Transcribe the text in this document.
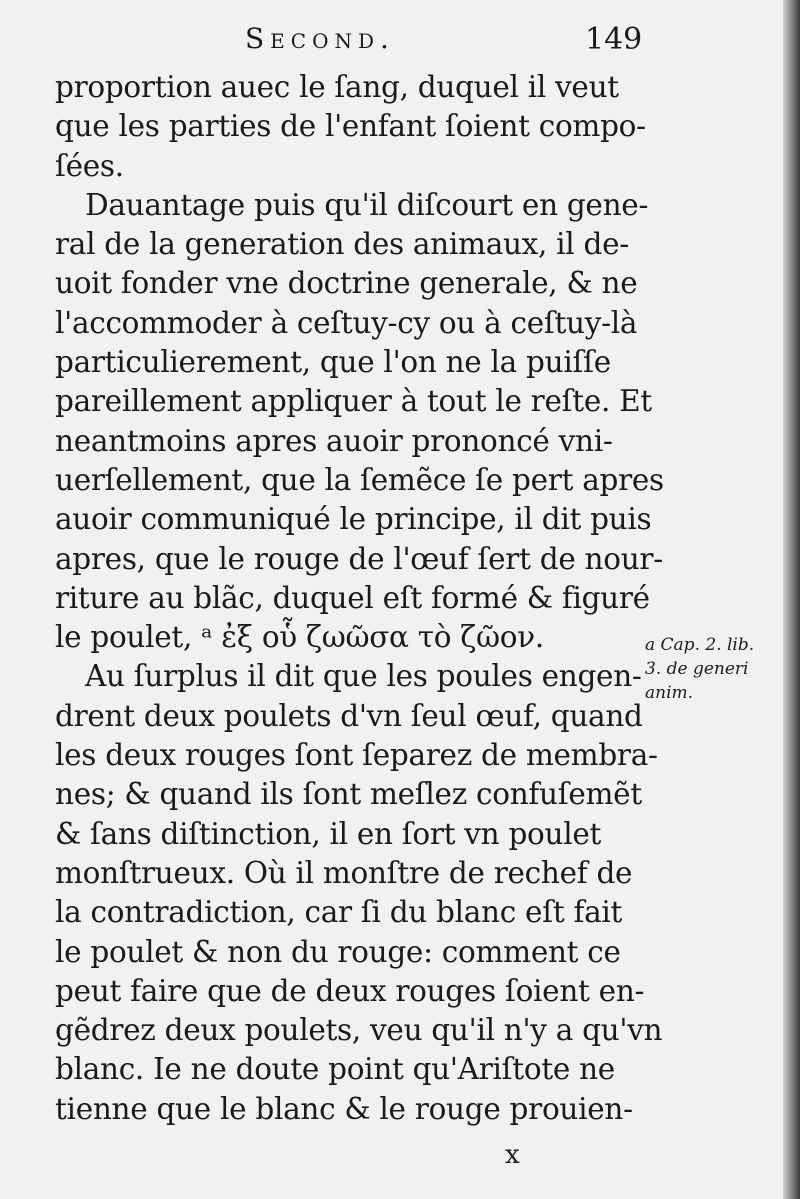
Second.	149
proportion auec le ſang, duquel il veut
que les parties de l'enfant ſoient compo-
ſées.
Dauantage puis qu'il diſcourt en gene-
ral de la generation des animaux, il de-
uoit fonder vne doctrine generale, & ne
l'accommoder à ceſtuy-cy ou à ceſtuy-là
particulierement, que l'on ne la puiſſe
pareillement appliquer à tout le reſte. Et
neantmoins apres auoir prononcé vni-
uerſellement, que la ſemẽce ſe pert apres
auoir communiqué le principe, il dit puis
apres, que le rouge de l'œuf ſert de nour-
riture au blãc, duquel eſt formé & figuré
le poulet, ᵃ ἐξ οὗ ζωῶσα τὸ ζῶον.
Au ſurplus il dit que les poules engen-
drent deux poulets d'vn ſeul œuf, quand
les deux rouges ſont ſeparez de membra-
nes; & quand ils ſont meſlez confuſemẽt
& ſans diſtinction, il en ſort vn poulet
monſtrueux. Où il monſtre de rechef de
la contradiction, car ſi du blanc eſt fait
le poulet & non du rouge: comment ce
peut faire que de deux rouges ſoient en-
gẽdrez deux poulets, veu qu'il n'y a qu'vn
blanc. Ie ne doute point qu'Ariſtote ne
tienne que le blanc & le rouge prouien-
a Cap. 2. lib.
3. de generi
anim.
x
